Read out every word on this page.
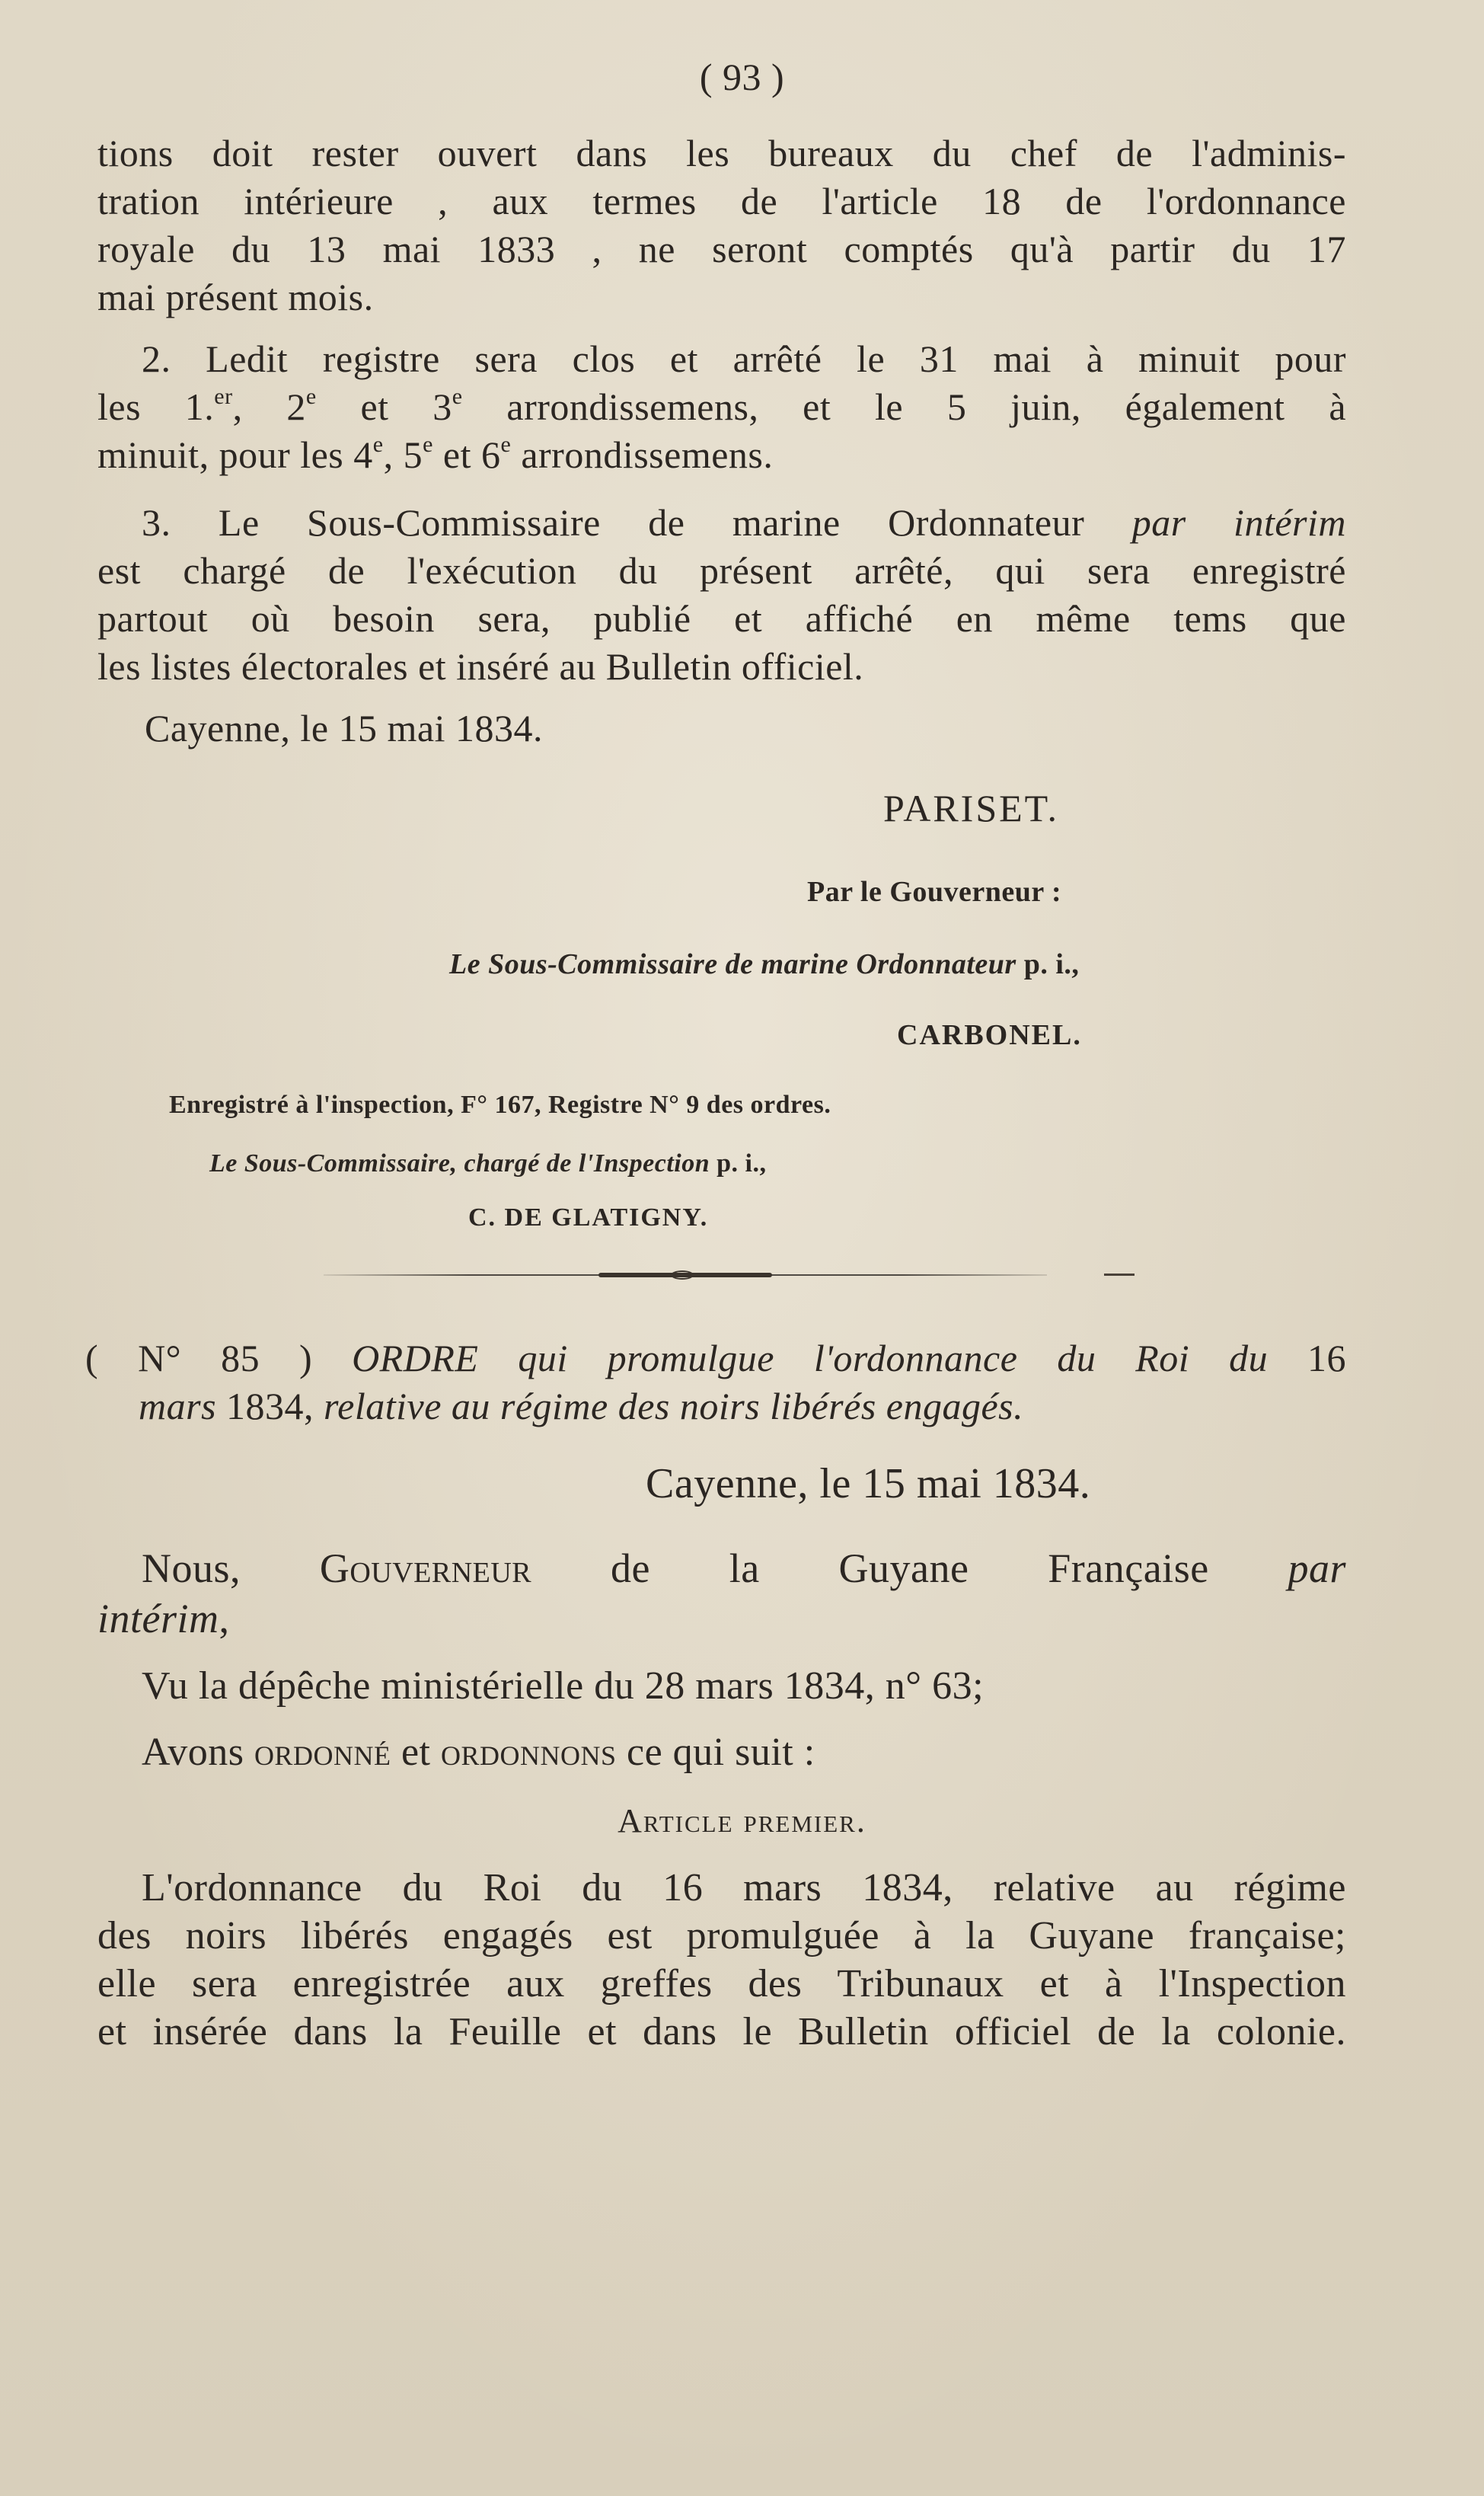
( 93 )
tions doit rester ouvert dans les bureaux du chef de l'adminis-
tration intérieure , aux termes de l'article 18 de l'ordonnance
royale du 13 mai 1833 , ne seront comptés qu'à partir du 17
mai présent mois.
2. Ledit registre sera clos et arrêté le 31 mai à minuit pour
les 1.$^{er}$, 2e et 3e arrondissemens, et le 5 juin, également à
minuit, pour les 4e, 5e et 6e arrondissemens.
3. Le Sous-Commissaire de marine Ordonnateur par intérim
est chargé de l'exécution du présent arrêté, qui sera enregistré
partout où besoin sera, publié et affiché en même tems que
les listes électorales et inséré au Bulletin officiel.
Cayenne, le 15 mai 1834.
PARISET.
Par le Gouverneur :
Le Sous-Commissaire de marine Ordonnateur p. i.,
CARBONEL.
Enregistré à l'inspection, F° 167, Registre N° 9 des ordres.
Le Sous-Commissaire, chargé de l'Inspection p. i.,
C. DE GLATIGNY.
( N° 85 ) ORDRE qui promulgue l'ordonnance du Roi du 16
mars 1834, relative au régime des noirs libérés engagés.
Cayenne, le 15 mai 1834.
Nous, Gouverneur de la Guyane Française par
intérim,
Vu la dépêche ministérielle du 28 mars 1834, n° 63;
Avons ordonné et ordonnons ce qui suit :
Article premier.
L'ordonnance du Roi du 16 mars 1834, relative au régime
des noirs libérés engagés est promulguée à la Guyane française;
elle sera enregistrée aux greffes des Tribunaux et à l'Inspection
et insérée dans la Feuille et dans le Bulletin officiel de la colonie.
